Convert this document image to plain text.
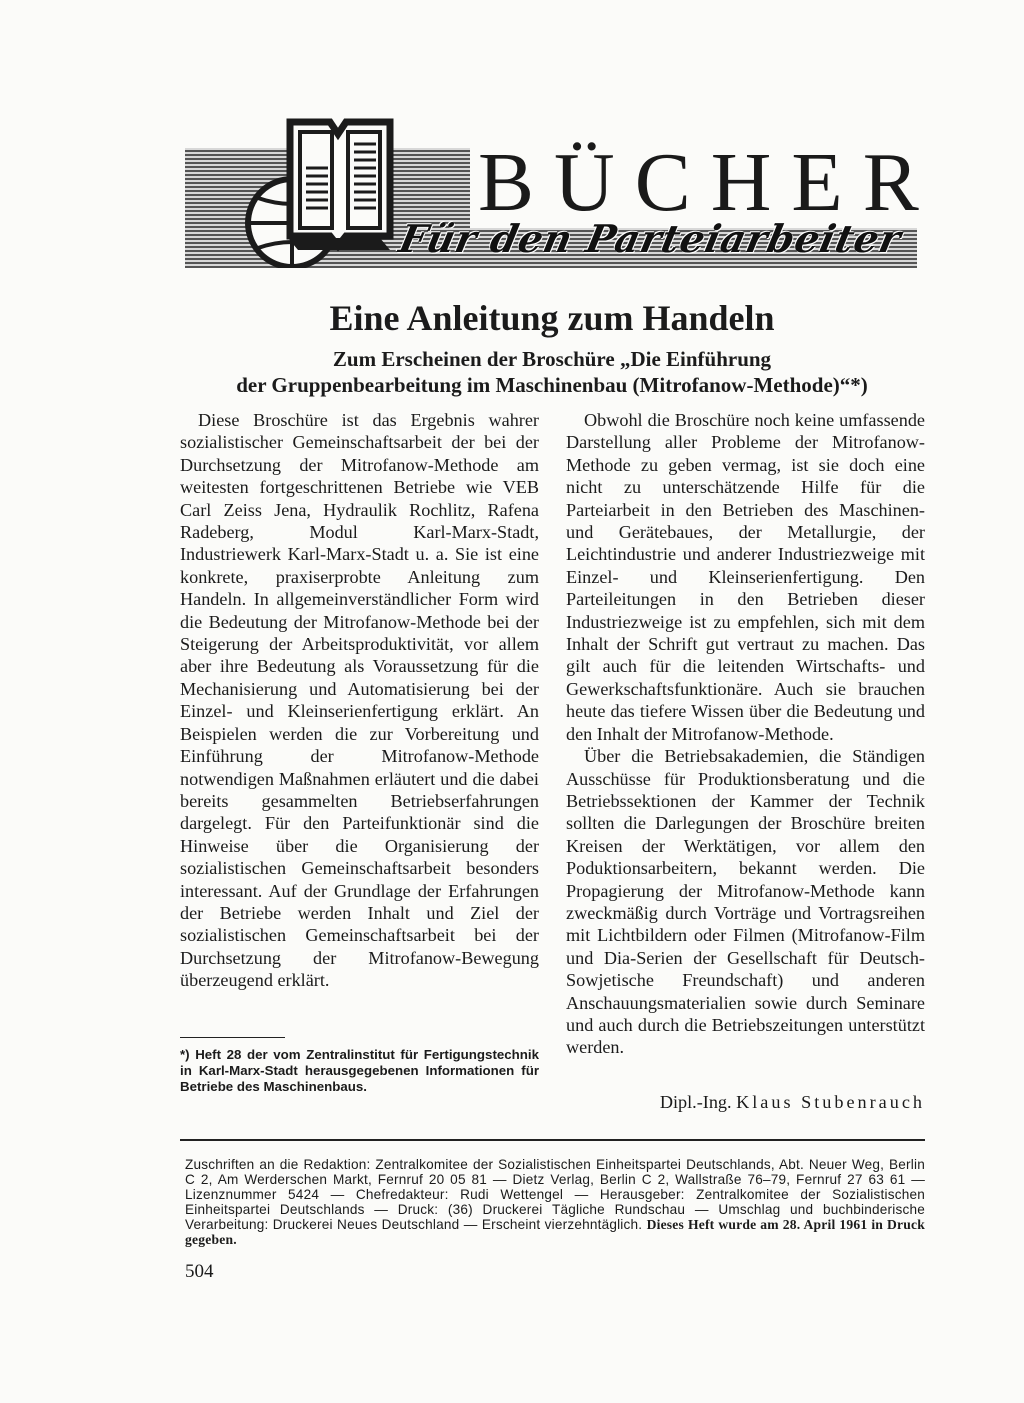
BÜCHER
Für den Parteiarbeiter
Eine Anleitung zum Handeln
Zum Erscheinen der Broschüre „Die Einführung
der Gruppenbearbeitung im Maschinenbau (Mitrofanow-Methode)“*)

Diese Broschüre ist das Ergebnis wahrer sozialistischer Gemeinschaftsarbeit der bei der Durchsetzung der Mitrofanow-Methode am weitesten fortgeschrittenen Betriebe wie VEB Carl Zeiss Jena, Hydraulik Rochlitz, Rafena Radeberg, Modul Karl-Marx-Stadt, Industriewerk Karl-Marx-Stadt u. a. Sie ist eine konkrete, praxiserprobte Anleitung zum Handeln. In allgemeinverständlicher Form wird die Bedeutung der Mitrofanow-Methode bei der Steigerung der Arbeitsproduktivität, vor allem aber ihre Bedeutung als Voraussetzung für die Mechanisierung und Automatisierung bei der Einzel- und Kleinserienfertigung erklärt. An Beispielen werden die zur Vorbereitung und Einführung der Mitrofanow-Methode notwendigen Maßnahmen erläutert und die dabei bereits gesammelten Betriebserfahrungen dargelegt. Für den Parteifunktionär sind die Hinweise über die Organisierung der sozialistischen Gemeinschaftsarbeit besonders interessant. Auf der Grundlage der Erfahrungen der Betriebe werden Inhalt und Ziel der sozialistischen Gemeinschaftsarbeit bei der Durchsetzung der Mitrofanow-Bewegung überzeugend erklärt.

Obwohl die Broschüre noch keine umfassende Darstellung aller Probleme der Mitrofanow-Methode zu geben vermag, ist sie doch eine nicht zu unterschätzende Hilfe für die Parteiarbeit in den Betrieben des Maschinen- und Gerätebaues, der Metallurgie, der Leichtindustrie und anderer Industriezweige mit Einzel- und Kleinserienfertigung. Den Parteileitungen in den Betrieben dieser Industriezweige ist zu empfehlen, sich mit dem Inhalt der Schrift gut vertraut zu machen. Das gilt auch für die leitenden Wirtschafts- und Gewerkschaftsfunktionäre. Auch sie brauchen heute das tiefere Wissen über die Bedeutung und den Inhalt der Mitrofanow-Methode.

Über die Betriebsakademien, die Ständigen Ausschüsse für Produktionsberatung und die Betriebssektionen der Kammer der Technik sollten die Darlegungen der Broschüre breiten Kreisen der Werktätigen, vor allem den Poduktionsarbeitern, bekannt werden. Die Propagierung der Mitrofanow-Methode kann zweckmäßig durch Vorträge und Vortragsreihen mit Lichtbildern oder Filmen (Mitrofanow-Film und Dia-Serien der Gesellschaft für Deutsch-Sowjetische Freundschaft) und anderen Anschauungsmaterialien sowie durch Seminare und auch durch die Betriebszeitungen unterstützt werden.

Dipl.-Ing. Klaus Stubenrauch
*) Heft 28 der vom Zentralinstitut für Fertigungstechnik in Karl-Marx-Stadt herausgegebenen Informationen für Betriebe des Maschinenbaus.
Zuschriften an die Redaktion: Zentralkomitee der Sozialistischen Einheitspartei Deutschlands, Abt. Neuer Weg, Berlin C 2, Am Werderschen Markt, Fernruf 20 05 81 — Dietz Verlag, Berlin C 2, Wallstraße 76–79, Fernruf 27 63 61 — Lizenznummer 5424 — Chefredakteur: Rudi Wettengel — Herausgeber: Zentralkomitee der Sozialistischen Einheitspartei Deutschlands — Druck: (36) Druckerei Tägliche Rundschau — Umschlag und buchbinderische Verarbeitung: Druckerei Neues Deutschland — Erscheint vierzehntäglich. Dieses Heft wurde am 28. April 1961 in Druck gegeben.
504
